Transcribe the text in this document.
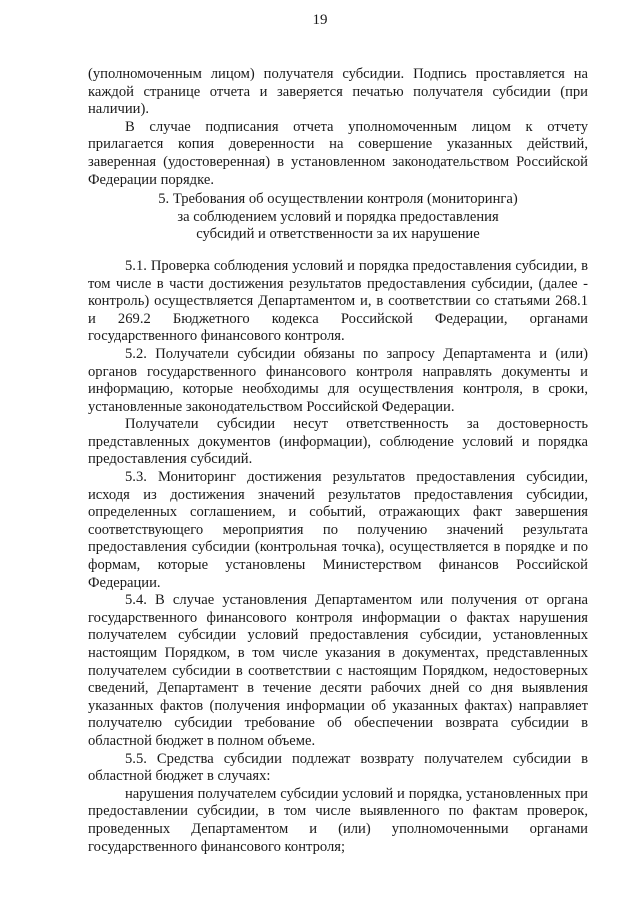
19

(уполномоченным лицом) получателя субсидии. Подпись проставляется на каждой странице отчета и заверяется печатью получателя субсидии (при наличии).

В случае подписания отчета уполномоченным лицом к отчету прилагается копия доверенности на совершение указанных действий, заверенная (удостоверенная) в установленном законодательством Российской Федерации порядке.

5. Требования об осуществлении контроля (мониторинга)
за соблюдением условий и порядка предоставления
субсидий и ответственности за их нарушение

5.1. Проверка соблюдения условий и порядка предоставления субсидии, в том числе в части достижения результатов предоставления субсидии, (далее - контроль) осуществляется Департаментом и, в соответствии со статьями 268.1 и 269.2 Бюджетного кодекса Российской Федерации, органами государственного финансового контроля.

5.2. Получатели субсидии обязаны по запросу Департамента и (или) органов государственного финансового контроля направлять документы и информацию, которые необходимы для осуществления контроля, в сроки, установленные законодательством Российской Федерации.

Получатели субсидии несут ответственность за достоверность представленных документов (информации), соблюдение условий и порядка предоставления субсидий.

5.3. Мониторинг достижения результатов предоставления субсидии, исходя из достижения значений результатов предоставления субсидии, определенных соглашением, и событий, отражающих факт завершения соответствующего мероприятия по получению значений результата предоставления субсидии (контрольная точка), осуществляется в порядке и по формам, которые установлены Министерством финансов Российской Федерации.

5.4. В случае установления Департаментом или получения от органа государственного финансового контроля информации о фактах нарушения получателем субсидии условий предоставления субсидии, установленных настоящим Порядком, в том числе указания в документах, представленных получателем субсидии в соответствии с настоящим Порядком, недостоверных сведений, Департамент в течение десяти рабочих дней со дня выявления указанных фактов (получения информации об указанных фактах) направляет получателю субсидии требование об обеспечении возврата субсидии в областной бюджет в полном объеме.

5.5. Средства субсидии подлежат возврату получателем субсидии в областной бюджет в случаях:

нарушения получателем субсидии условий и порядка, установленных при предоставлении субсидии, в том числе выявленного по фактам проверок, проведенных Департаментом и (или) уполномоченными органами государственного финансового контроля;
